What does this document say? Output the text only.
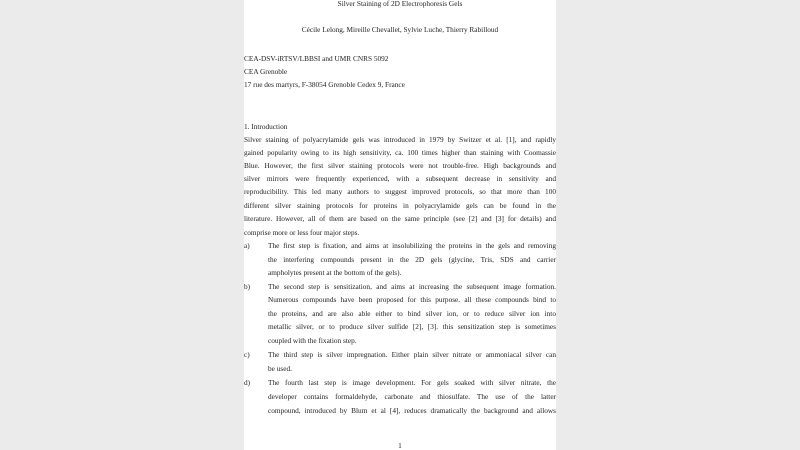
Silver Staining of 2D Electrophoresis Gels
Cécile Lelong, Mireille Chevallet, Sylvie Luche, Thierry Rabilloud
CEA-DSV-iRTSV/LBBSI and UMR CNRS 5092
CEA Grenoble
17 rue des martyrs, F-38054 Grenoble Cedex 9, France
1. Introduction
Silver staining of polyacrylamide gels was introduced in 1979 by Switzer et al. [1], and rapidly
gained popularity owing to its high sensitivity, ca. 100 times higher than staining with Coomassie
Blue. However, the first silver staining protocols were not trouble-free. High backgrounds and
silver mirrors were frequently experienced, with a subsequent decrease in sensitivity and
reproducibility. This led many authors to suggest improved protocols, so that more than 100
different silver staining protocols for proteins in polyacrylamide gels can be found in the
literature. However, all of them are based on the same principle (see [2] and [3] for details) and
comprise more or less four major steps.
a)	The first step is fixation, and aims at insolubilizing the proteins in the gels and removing
the interfering compounds present in the 2D gels (glycine, Tris, SDS and carrier
ampholytes present at the bottom of the gels).
b) The second step is sensitization, and aims at increasing the subsequent image formation.
Numerous compounds have been proposed for this purpose. all these compounds bind to
the proteins, and are also able either to bind silver ion, or to reduce silver ion into
metallic silver, or to produce silver sulfide [2], [3]. this sensitization step is sometimes
coupled with the fixation step.
c)	The third step is silver impregnation. Either plain silver nitrate or ammoniacal silver can
be used.
d) The fourth last step is image development. For gels soaked with silver nitrate, the
developer contains formaldehyde, carbonate and thiosulfate. The use of the latter
compound, introduced by Blum et al [4], reduces dramatically the background and allows
1
